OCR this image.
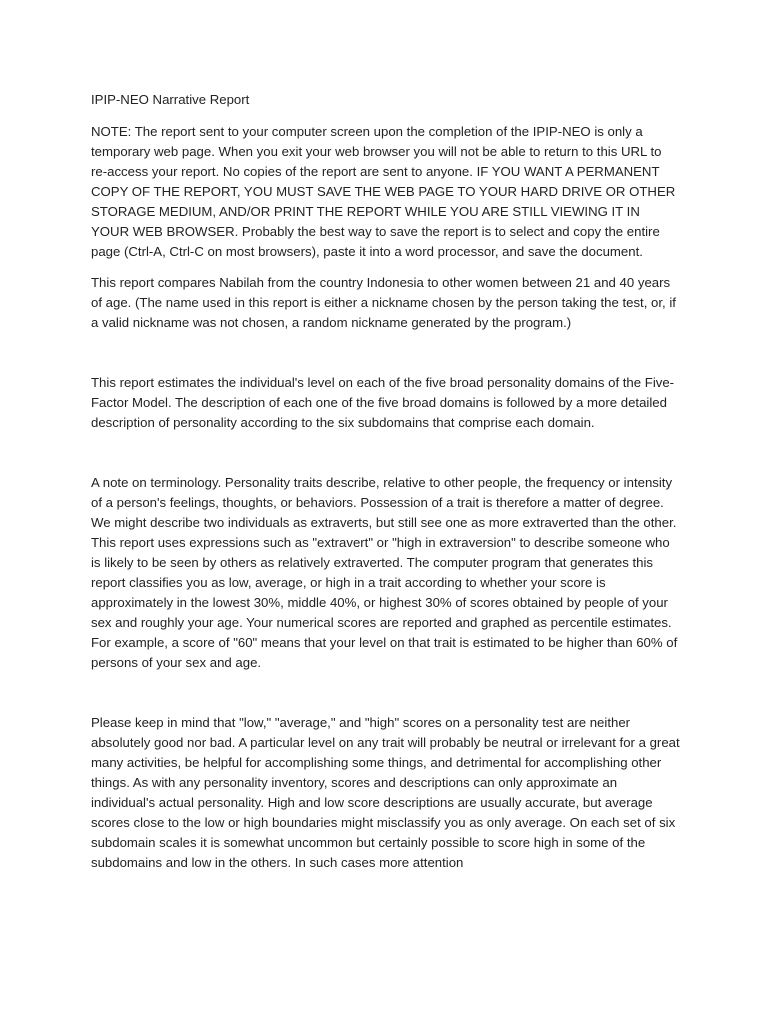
IPIP-NEO Narrative Report

NOTE: The report sent to your computer screen upon the completion of the IPIP-NEO is only a temporary web page. When you exit your web browser you will not be able to return to this URL to re-access your report. No copies of the report are sent to anyone. IF YOU WANT A PERMANENT COPY OF THE REPORT, YOU MUST SAVE THE WEB PAGE TO YOUR HARD DRIVE OR OTHER STORAGE MEDIUM, AND/OR PRINT THE REPORT WHILE YOU ARE STILL VIEWING IT IN YOUR WEB BROWSER. Probably the best way to save the report is to select and copy the entire page (Ctrl-A, Ctrl-C on most browsers), paste it into a word processor, and save the document.

This report compares Nabilah from the country Indonesia to other women between 21 and 40 years of age. (The name used in this report is either a nickname chosen by the person taking the test, or, if a valid nickname was not chosen, a random nickname generated by the program.)

This report estimates the individual's level on each of the five broad personality domains of the Five-Factor Model. The description of each one of the five broad domains is followed by a more detailed description of personality according to the six subdomains that comprise each domain.

A note on terminology. Personality traits describe, relative to other people, the frequency or intensity of a person's feelings, thoughts, or behaviors. Possession of a trait is therefore a matter of degree. We might describe two individuals as extraverts, but still see one as more extraverted than the other. This report uses expressions such as "extravert" or "high in extraversion" to describe someone who is likely to be seen by others as relatively extraverted. The computer program that generates this report classifies you as low, average, or high in a trait according to whether your score is approximately in the lowest 30%, middle 40%, or highest 30% of scores obtained by people of your sex and roughly your age. Your numerical scores are reported and graphed as percentile estimates. For example, a score of "60" means that your level on that trait is estimated to be higher than 60% of persons of your sex and age.

Please keep in mind that "low," "average," and "high" scores on a personality test are neither absolutely good nor bad. A particular level on any trait will probably be neutral or irrelevant for a great many activities, be helpful for accomplishing some things, and detrimental for accomplishing other things. As with any personality inventory, scores and descriptions can only approximate an individual's actual personality. High and low score descriptions are usually accurate, but average scores close to the low or high boundaries might misclassify you as only average. On each set of six subdomain scales it is somewhat uncommon but certainly possible to score high in some of the subdomains and low in the others. In such cases more attention
